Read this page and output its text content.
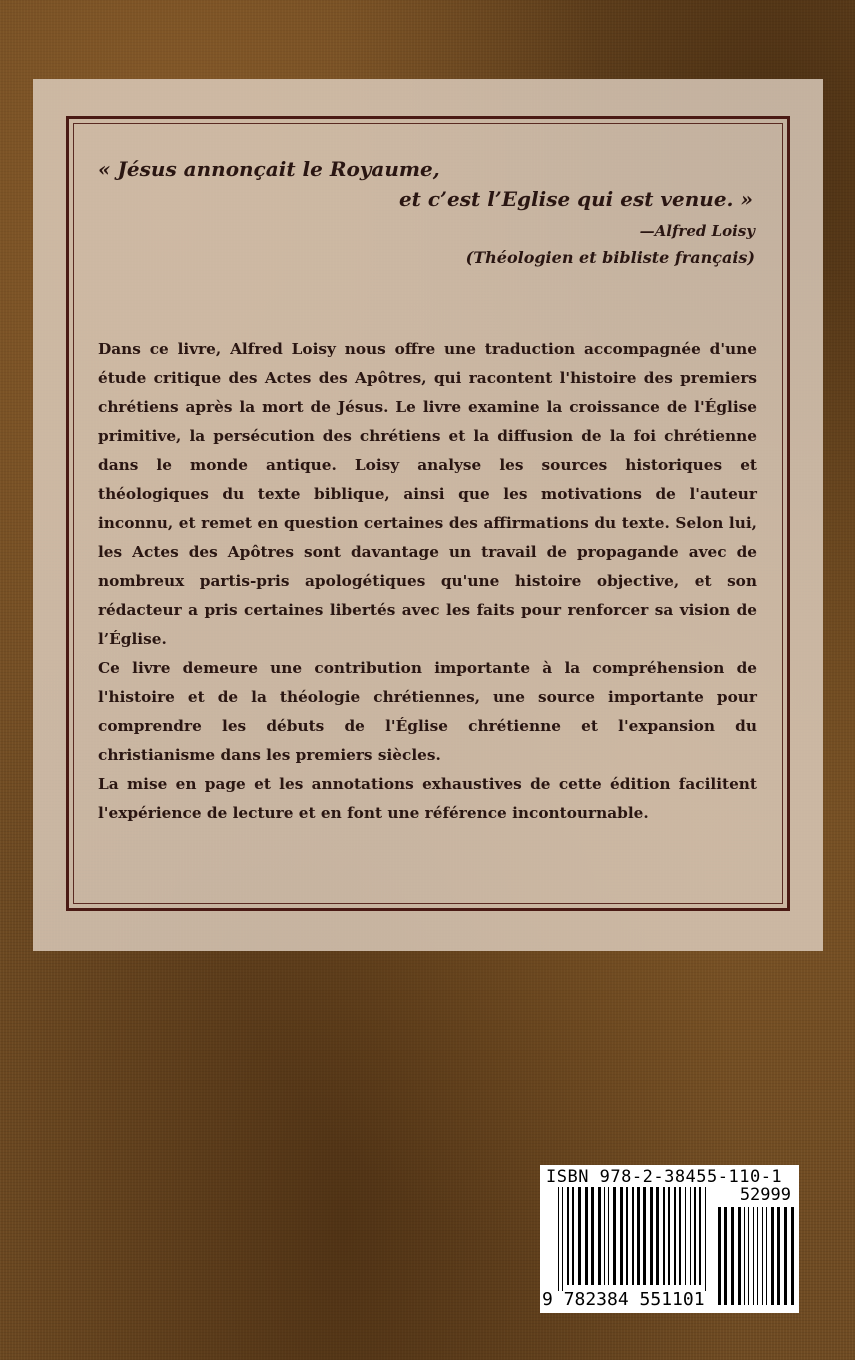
« Jésus annonçait le Royaume,
et c’est l’Eglise qui est venue. »
—Alfred Loisy
(Théologien et bibliste français)

Dans ce livre, Alfred Loisy nous offre une traduction accompagnée d'une étude critique des Actes des Apôtres, qui racontent l'histoire des premiers chrétiens après la mort de Jésus. Le livre examine la croissance de l'Église primitive, la persécution des chrétiens et la diffusion de la foi chrétienne dans le monde antique. Loisy analyse les sources historiques et théologiques du texte biblique, ainsi que les motivations de l'auteur inconnu, et remet en question certaines des affirmations du texte. Selon lui, les Actes des Apôtres sont davantage un travail de propagande avec de nombreux partis-pris apologétiques qu'une histoire objective, et son rédacteur a pris certaines libertés avec les faits pour renforcer sa vision de l’Église.

Ce livre demeure une contribution importante à la compréhension de l'histoire et de la théologie chrétiennes, une source importante pour comprendre les débuts de l'Église chrétienne et l'expansion du christianisme dans les premiers siècles.

La mise en page et les annotations exhaustives de cette édition facilitent l'expérience de lecture et en font une référence incontournable.

ISBN 978-2-38455-110-1
52999
9 782384 551101
